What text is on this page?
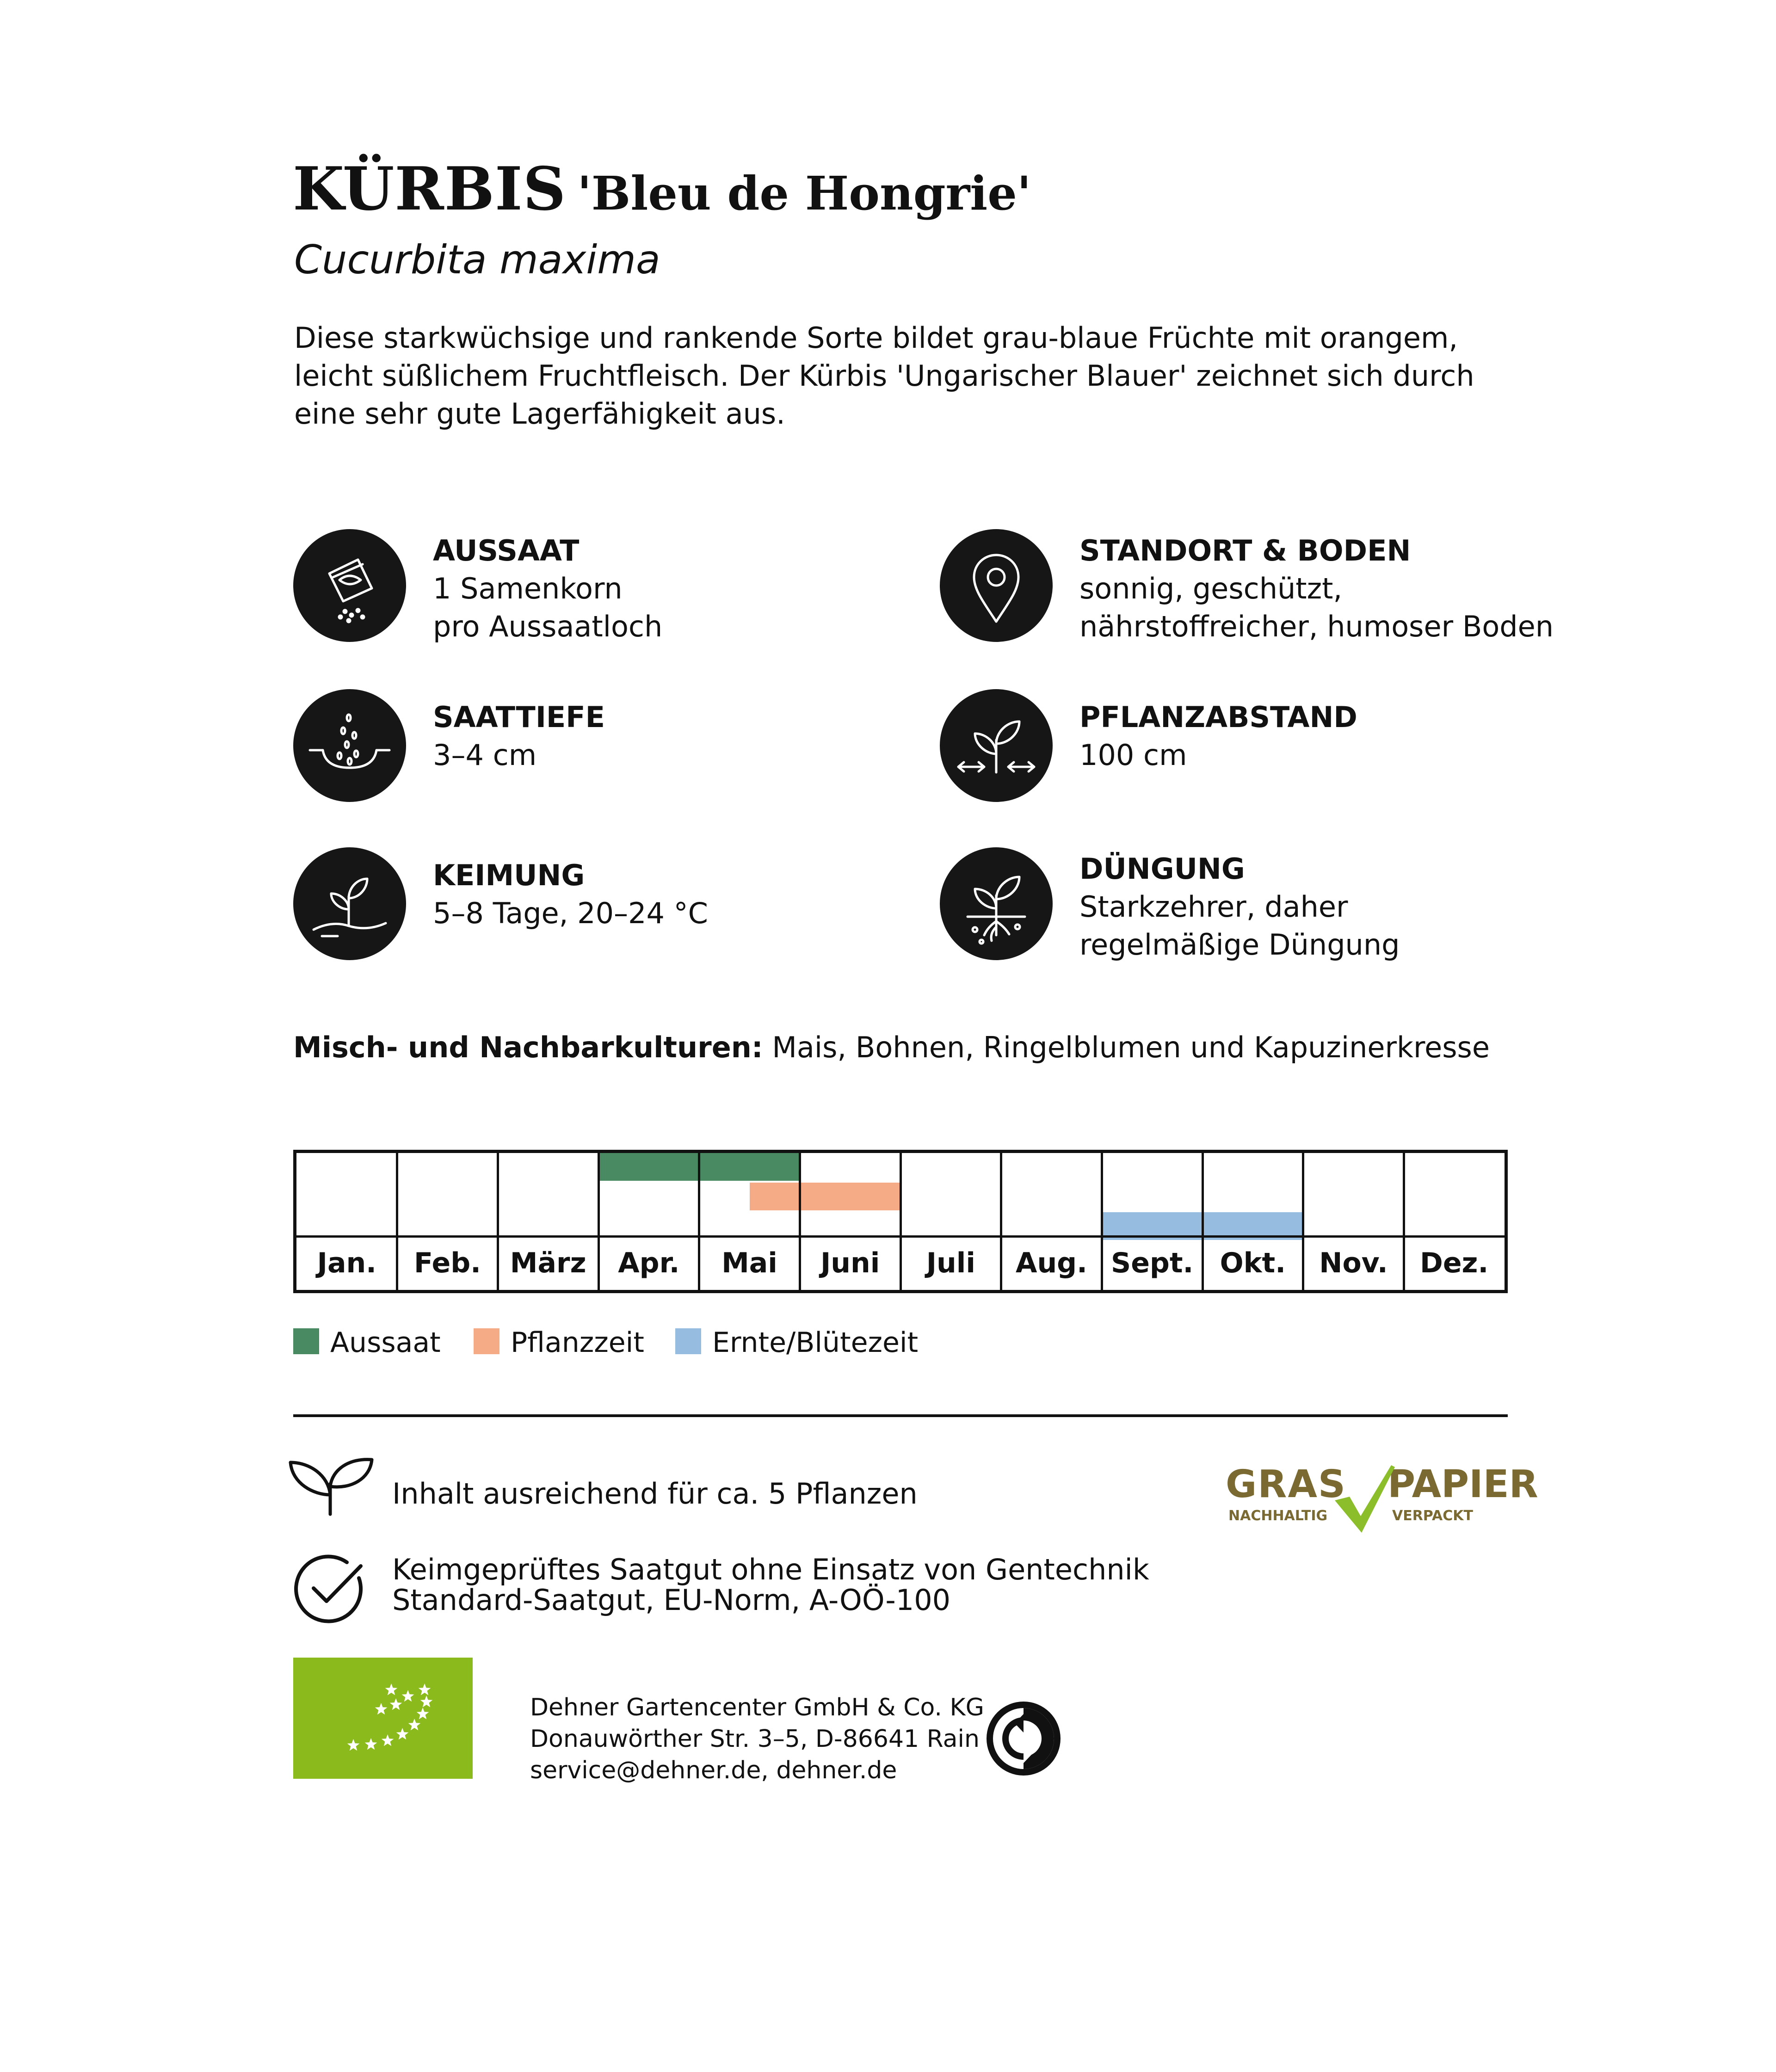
KÜRBIS 'Bleu de Hongrie'
Cucurbita maxima
Diese starkwüchsige und rankende Sorte bildet grau-blaue Früchte mit orangem, leicht süßlichem Fruchtfleisch. Der Kürbis 'Ungarischer Blauer' zeichnet sich durch eine sehr gute Lagerfähigkeit aus.
AUSSAAT
1 Samenkorn
pro Aussaatloch
STANDORT & BODEN
sonnig, geschützt,
nährstoffreicher, humoser Boden
SAATTIEFE
3–4 cm
PFLANZABSTAND
100 cm
KEIMUNG
5–8 Tage, 20–24 °C
DÜNGUNG
Starkzehrer, daher
regelmäßige Düngung
Misch- und Nachbarkulturen: Mais, Bohnen, Ringelblumen und Kapuzinerkresse
Jan.	Feb.	März	Apr.	Mai	Juni	Juli	Aug. Sept. Okt.	Nov.	Dez.
Aussaat	Pflanzzeit	Ernte/Blütezeit
Inhalt ausreichend für ca. 5 Pflanzen
Keimgeprüftes Saatgut ohne Einsatz von Gentechnik
Standard-Saatgut, EU-Norm, A-OÖ-100
Dehner Gartencenter GmbH & Co. KG
Donauwörther Str. 3–5, D-86641 Rain
service@dehner.de, dehner.de
GRAS PAPIER
NACHHALTIG	VERPACKT
